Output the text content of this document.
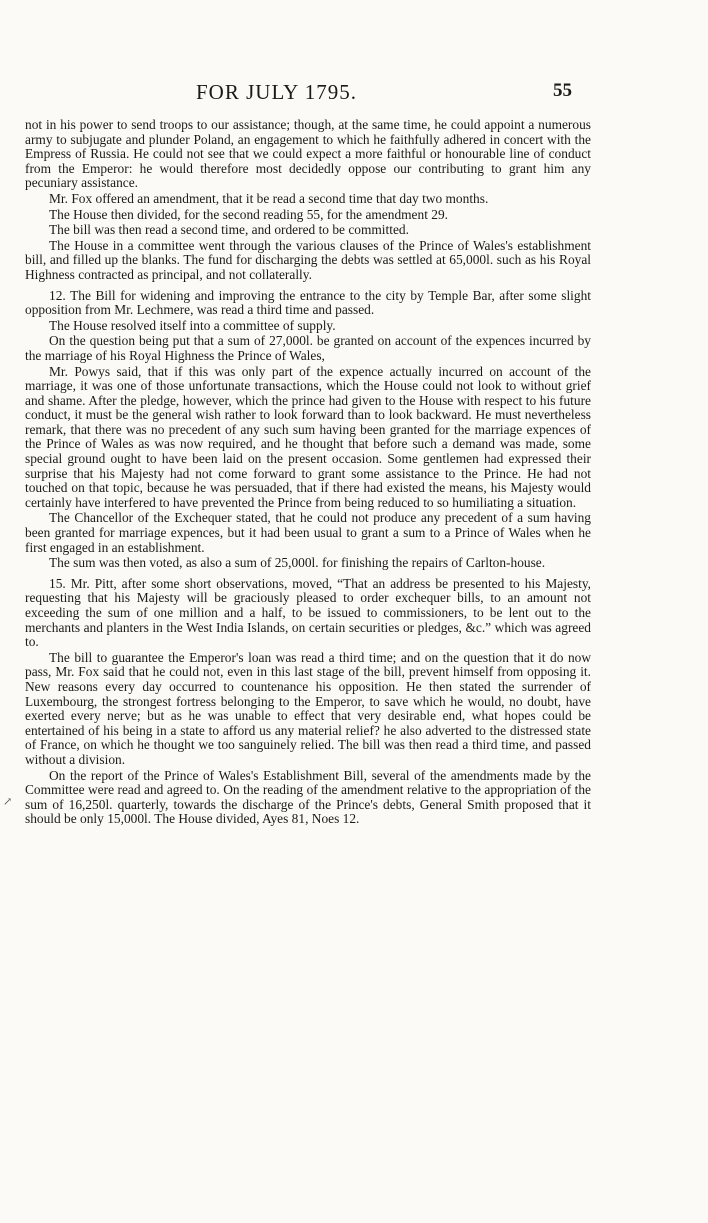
FOR JULY 1795.	55
↗

not in his power to send troops to our assistance; though, at the same time, he could appoint a numerous army to subjugate and plunder Poland, an engagement to which he faithfully adhered in concert with the Empress of Russia. He could not see that we could expect a more faithful or honourable line of conduct from the Emperor: he would therefore most decidedly oppose our contributing to grant him any pecuniary assistance.

Mr. Fox offered an amendment, that it be read a second time that day two months.

The House then divided, for the second reading 55, for the amendment 29.

The bill was then read a second time, and ordered to be committed.

The House in a committee went through the various clauses of the Prince of Wales's establishment bill, and filled up the blanks. The fund for discharging the debts was settled at 65,000l. such as his Royal Highness contracted as principal, and not collaterally.

12. The Bill for widening and improving the entrance to the city by Temple Bar, after some slight opposition from Mr. Lechmere, was read a third time and passed.

The House resolved itself into a committee of supply.

On the question being put that a sum of 27,000l. be granted on account of the expences incurred by the marriage of his Royal Highness the Prince of Wales,

Mr. Powys said, that if this was only part of the expence actually incurred on account of the marriage, it was one of those unfortunate transactions, which the House could not look to without grief and shame. After the pledge, however, which the prince had given to the House with respect to his future conduct, it must be the general wish rather to look forward than to look backward. He must nevertheless remark, that there was no precedent of any such sum having been granted for the marriage expences of the Prince of Wales as was now required, and he thought that before such a demand was made, some special ground ought to have been laid on the present occasion. Some gentlemen had expressed their surprise that his Majesty had not come forward to grant some assistance to the Prince. He had not touched on that topic, because he was persuaded, that if there had existed the means, his Majesty would certainly have interfered to have prevented the Prince from being reduced to so humiliating a situation.

The Chancellor of the Exchequer stated, that he could not produce any precedent of a sum having been granted for marriage expences, but it had been usual to grant a sum to a Prince of Wales when he first engaged in an establishment.

The sum was then voted, as also a sum of 25,000l. for finishing the repairs of Carlton-house.

15. Mr. Pitt, after some short observations, moved, “That an address be presented to his Majesty, requesting that his Majesty will be graciously pleased to order exchequer bills, to an amount not exceeding the sum of one million and a half, to be issued to commissioners, to be lent out to the merchants and planters in the West India Islands, on certain securities or pledges, &c.” which was agreed to.

The bill to guarantee the Emperor's loan was read a third time; and on the question that it do now pass, Mr. Fox said that he could not, even in this last stage of the bill, prevent himself from opposing it. New reasons every day occurred to countenance his opposition. He then stated the surrender of Luxembourg, the strongest fortress belonging to the Emperor, to save which he would, no doubt, have exerted every nerve; but as he was unable to effect that very desirable end, what hopes could be entertained of his being in a state to afford us any material relief? he also adverted to the distressed state of France, on which he thought we too sanguinely relied. The bill was then read a third time, and passed without a division.

On the report of the Prince of Wales's Establishment Bill, several of the amendments made by the Committee were read and agreed to. On the reading of the amendment relative to the appropriation of the sum of 16,250l. quarterly, towards the discharge of the Prince's debts, General Smith proposed that it should be only 15,000l. The House divided, Ayes 81, Noes 12.
